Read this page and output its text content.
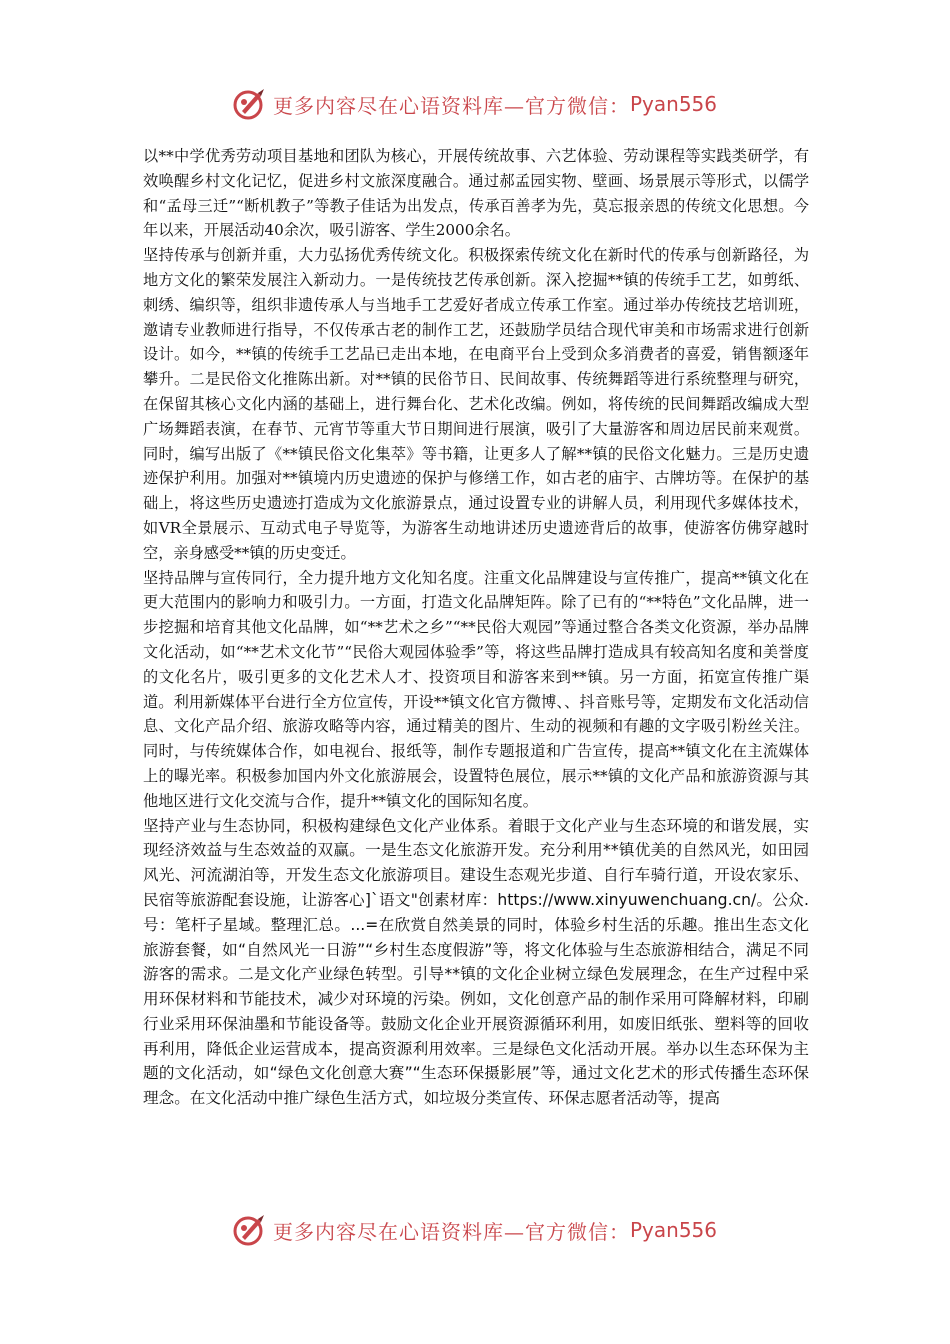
更多内容尽在心语资料库—官方微信： Pyan556

以**中学优秀劳动项目基地和团队为核心，开展传统故事、六艺体验、劳动课程等实践类研学，有效唤醒乡村文化记忆，促进乡村文旅深度融合。通过郝孟园实物、壁画、场景展示等形式，以儒学和“孟母三迁”“断机教子”等教子佳话为出发点，传承百善孝为先，莫忘报亲恩的传统文化思想。今年以来，开展活动40余次，吸引游客、学生2000余名。

坚持传承与创新并重，大力弘扬优秀传统文化。积极探索传统文化在新时代的传承与创新路径，为地方文化的繁荣发展注入新动力。一是传统技艺传承创新。深入挖掘**镇的传统手工艺，如剪纸、刺绣、编织等，组织非遗传承人与当地手工艺爱好者成立传承工作室。通过举办传统技艺培训班，邀请专业教师进行指导，不仅传承古老的制作工艺，还鼓励学员结合现代审美和市场需求进行创新设计。如今，**镇的传统手工艺品已走出本地，在电商平台上受到众多消费者的喜爱，销售额逐年攀升。二是民俗文化推陈出新。对**镇的民俗节日、民间故事、传统舞蹈等进行系统整理与研究，在保留其核心文化内涵的基础上，进行舞台化、艺术化改编。例如，将传统的民间舞蹈改编成大型广场舞蹈表演，在春节、元宵节等重大节日期间进行展演，吸引了大量游客和周边居民前来观赏。同时，编写出版了《**镇民俗文化集萃》等书籍，让更多人了解**镇的民俗文化魅力。三是历史遗迹保护利用。加强对**镇境内历史遗迹的保护与修缮工作，如古老的庙宇、古牌坊等。在保护的基础上，将这些历史遗迹打造成为文化旅游景点，通过设置专业的讲解人员，利用现代多媒体技术，如VR全景展示、互动式电子导览等，为游客生动地讲述历史遗迹背后的故事，使游客仿佛穿越时空，亲身感受**镇的历史变迁。

坚持品牌与宣传同行，全力提升地方文化知名度。注重文化品牌建设与宣传推广，提高**镇文化在更大范围内的影响力和吸引力。一方面，打造文化品牌矩阵。除了已有的“**特色”文化品牌，进一步挖掘和培育其他文化品牌，如“**艺术之乡”“**民俗大观园”等通过整合各类文化资源，举办品牌文化活动，如“**艺术文化节”“民俗大观园体验季”等，将这些品牌打造成具有较高知名度和美誉度的文化名片，吸引更多的文化艺术人才、投资项目和游客来到**镇。另一方面，拓宽宣传推广渠道。利用新媒体平台进行全方位宣传，开设**镇文化官方微博、、抖音账号等，定期发布文化活动信息、文化产品介绍、旅游攻略等内容，通过精美的图片、生动的视频和有趣的文字吸引粉丝关注。同时，与传统媒体合作，如电视台、报纸等，制作专题报道和广告宣传，提高**镇文化在主流媒体上的曝光率。积极参加国内外文化旅游展会，设置特色展位，展示**镇的文化产品和旅游资源与其他地区进行文化交流与合作，提升**镇文化的国际知名度。

坚持产业与生态协同，积极构建绿色文化产业体系。着眼于文化产业与生态环境的和谐发展，实现经济效益与生态效益的双赢。一是生态文化旅游开发。充分利用**镇优美的自然风光，如田园风光、河流湖泊等，开发生态文化旅游项目。建设生态观光步道、自行车骑行道，开设农家乐、民宿等旅游配套设施，让游客心]`语文"创素材库：https://www.xinyuwenchuang.cn/。公众.号：笔杆子星域。整理汇总。...=在欣赏自然美景的同时，体验乡村生活的乐趣。推出生态文化旅游套餐，如“自然风光一日游”“乡村生态度假游”等，将文化体验与生态旅游相结合，满足不同游客的需求。二是文化产业绿色转型。引导**镇的文化企业树立绿色发展理念，在生产过程中采用环保材料和节能技术，减少对环境的污染。例如，文化创意产品的制作采用可降解材料，印刷行业采用环保油墨和节能设备等。鼓励文化企业开展资源循环利用，如废旧纸张、塑料等的回收再利用，降低企业运营成本，提高资源利用效率。三是绿色文化活动开展。举办以生态环保为主题的文化活动，如“绿色文化创意大赛”“生态环保摄影展”等，通过文化艺术的形式传播生态环保理念。在文化活动中推广绿色生活方式，如垃圾分类宣传、环保志愿者活动等，提高

更多内容尽在心语资料库—官方微信： Pyan556
